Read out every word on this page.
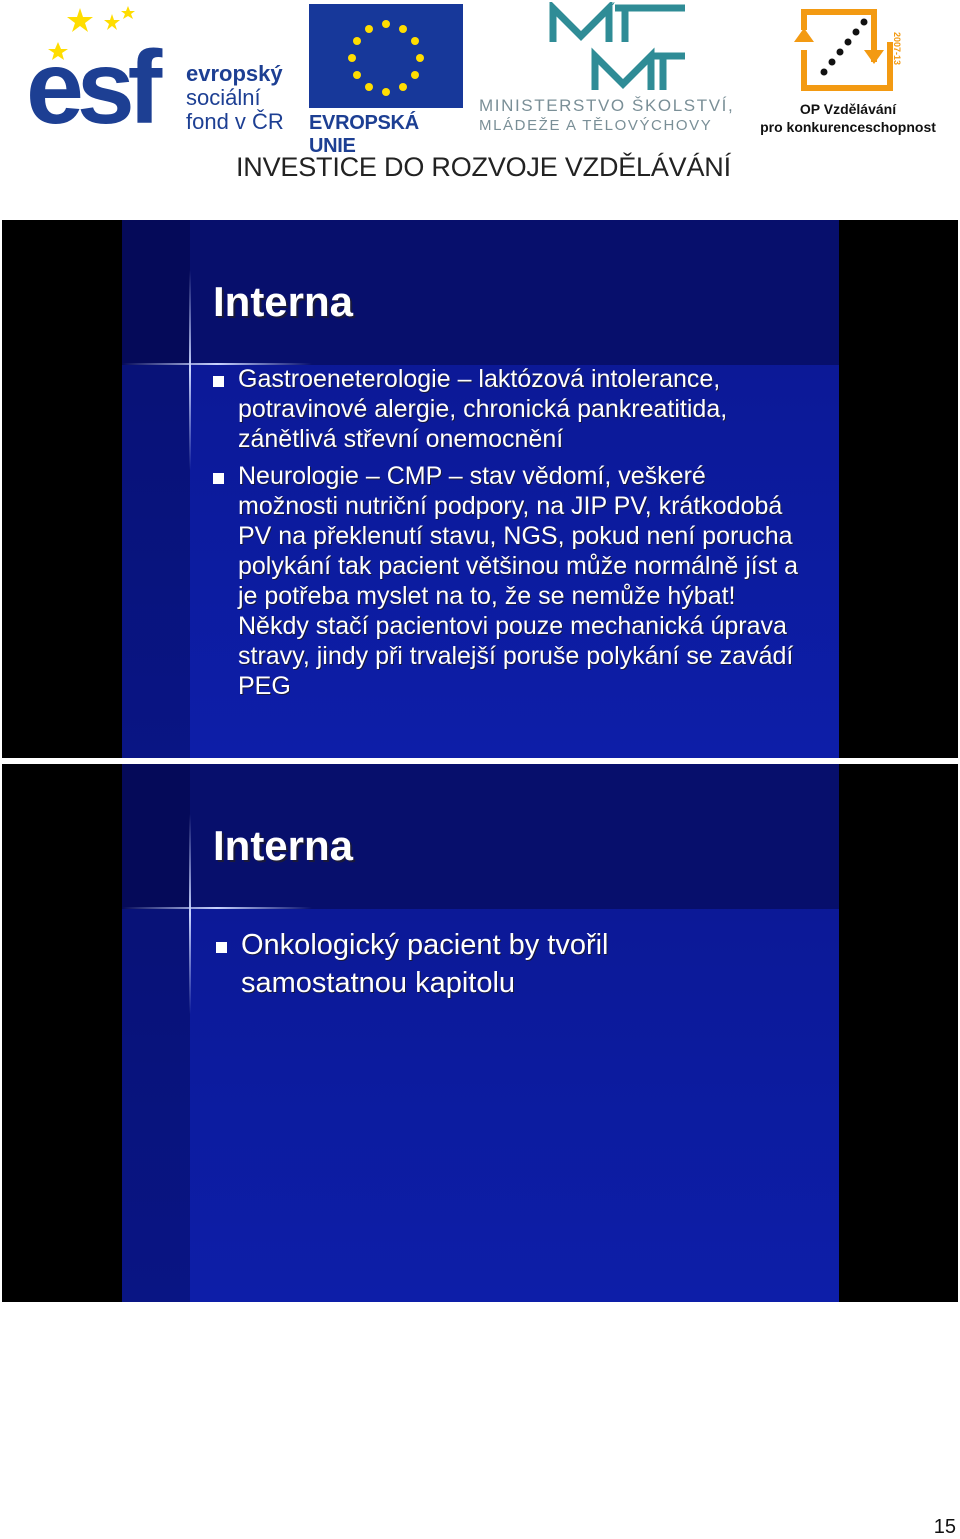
esf evropský
sociální
fond v ČR EVROPSKÁ UNIE
ˇ
MINISTERSTVO ŠKOLSTVÍ,
MLÁDEŽE A TĚLOVÝCHOVY
2007-13
OP Vzdělávání
pro konkurenceschopnost
INVESTICE DO ROZVOJE VZDĚLÁVÁNÍ
Interna
Gastroeneterologie – laktózová intolerance, potravinové alergie, chronická pankreatitida, zánětlivá střevní onemocnění
Neurologie – CMP – stav vědomí, veškeré možnosti nutriční podpory, na JIP PV, krátkodobá PV na překlenutí stavu, NGS, pokud není porucha polykání tak pacient většinou může normálně jíst a je potřeba myslet na to, že se nemůže hýbat! Někdy stačí pacientovi pouze mechanická úprava stravy, jindy při trvalejší poruše polykání se zavádí PEG
Interna
Onkologický pacient by tvořil samostatnou kapitolu
15
